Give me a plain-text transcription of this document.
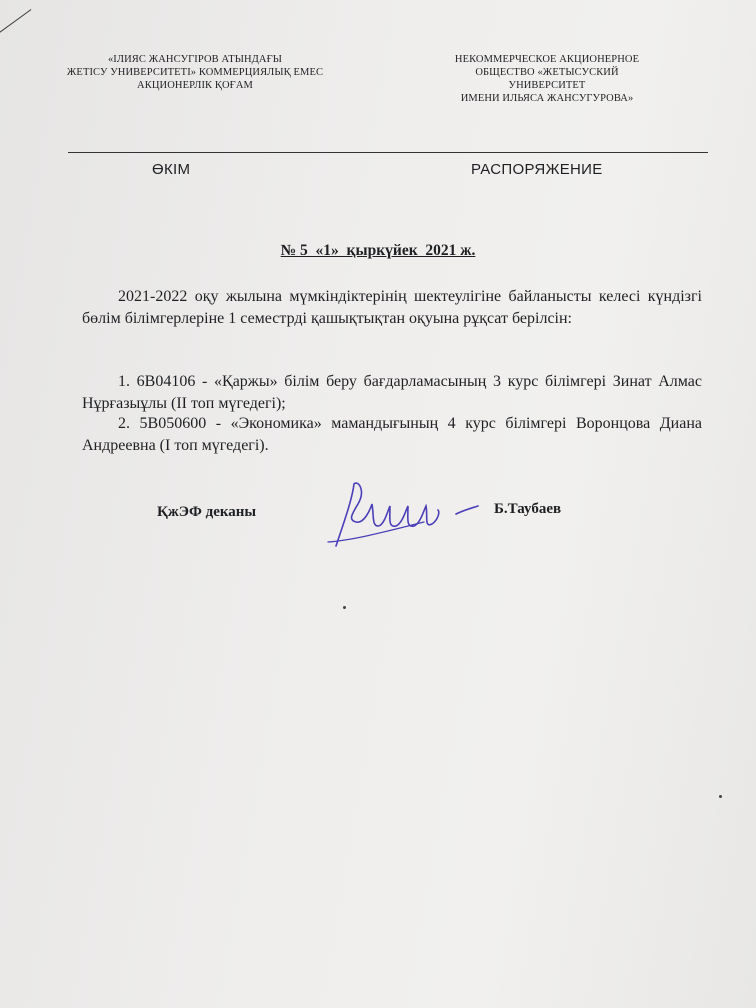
«ІЛИЯС ЖАНСУГІРОВ АТЫНДАҒЫ
ЖЕТІСУ УНИВЕРСИТЕТІ» КОММЕРЦИЯЛЫҚ ЕМЕС
АКЦИОНЕРЛІК ҚОҒАМ
НЕКОММЕРЧЕСКОЕ АКЦИОНЕРНОЕ
ОБЩЕСТВО «ЖЕТЫСУСКИЙ
УНИВЕРСИТЕТ
ИМЕНИ ИЛЬЯСА ЖАНСУГУРОВА»
ӨКІМ	РАСПОРЯЖЕНИЕ
№ 5  «1»  қыркүйек  2021 ж.
2021-2022 оқу жылына мүмкіндіктерінің шектеулігіне байланысты келесі күндізгі бөлім білімгерлеріне 1 семестрді қашықтықтан оқуына рұқсат берілсін:
1. 6В04106 - «Қаржы» білім беру бағдарламасының 3 курс білімгері Зинат Алмас Нұрғазыұлы (ІІ топ мүгедегі);
2. 5В050600 - «Экономика» мамандығының 4 курс білімгері Воронцова Диана Андреевна (І топ мүгедегі).
ҚжЭФ деканы	Б.Таубаев
